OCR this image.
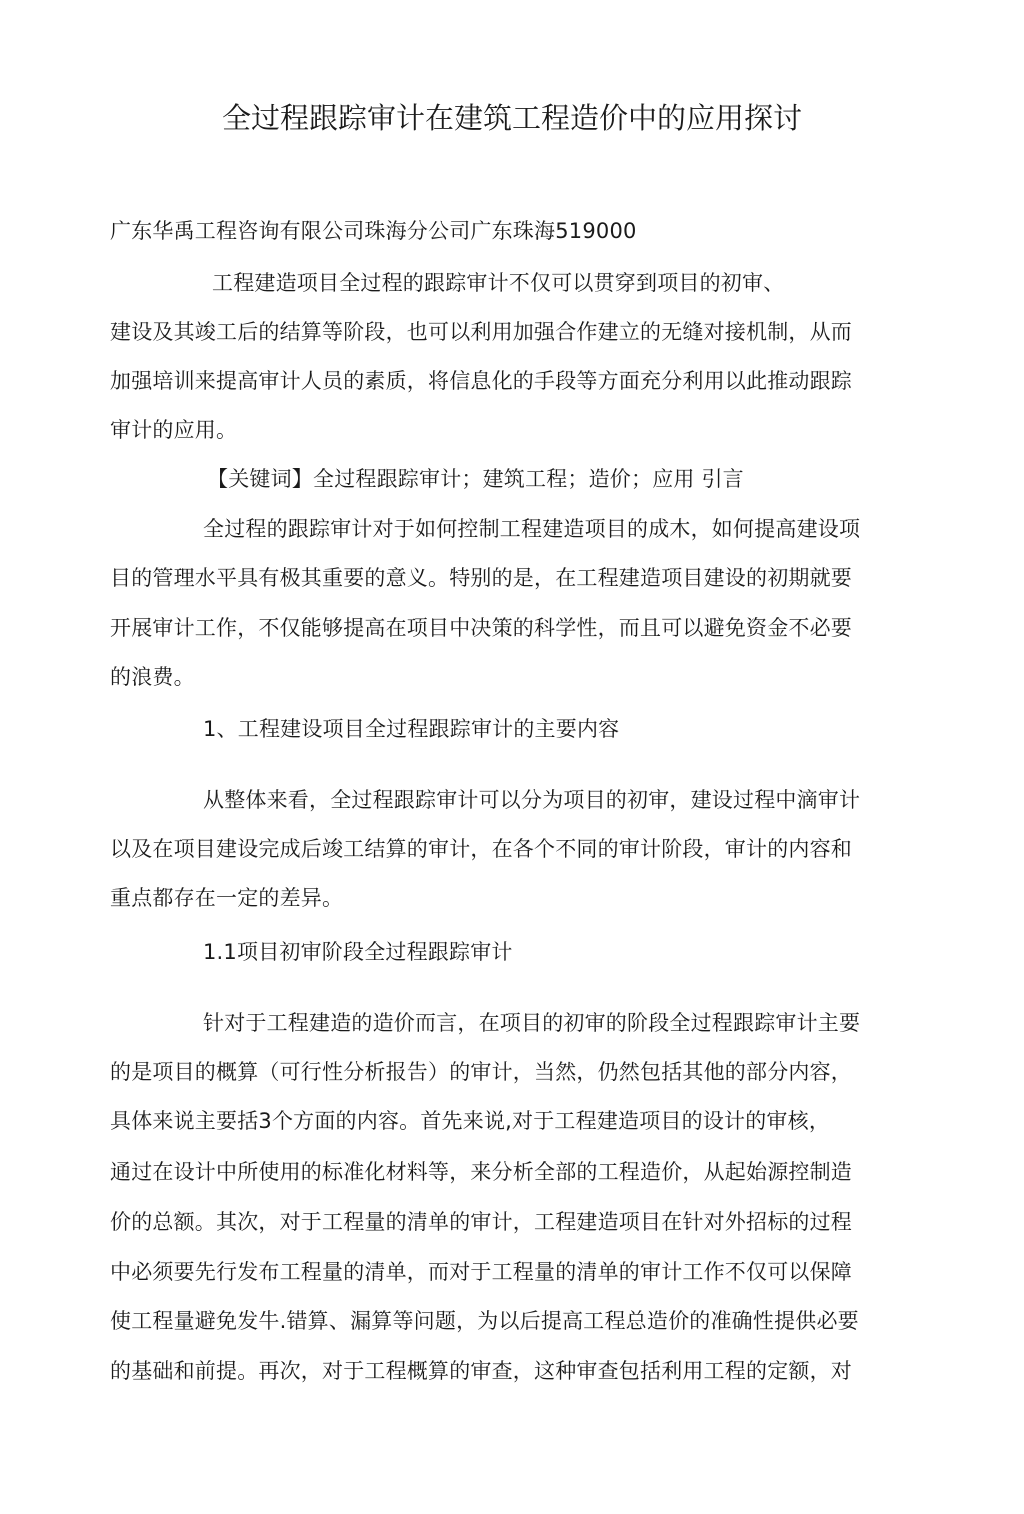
全过程跟踪审计在建筑工程造价中的应用探讨
广东华禹工程咨询有限公司珠海分公司广东珠海519000
工程建造项目全过程的跟踪审计不仅可以贯穿到项目的初审、
建设及其竣工后的结算等阶段，也可以利用加强合作建立的无缝对接机制，从而
加强培训来提高审计人员的素质，将信息化的手段等方面充分利用以此推动跟踪
审计的应用。
【关键词】全过程跟踪审计；建筑工程；造价；应用 引言
全过程的跟踪审计对于如何控制工程建造项目的成木，如何提高建设项
目的管理水平具有极其重要的意义。特别的是，在工程建造项目建设的初期就要
开展审计工作，不仅能够提高在项目中决策的科学性，而且可以避免资金不必要
的浪费。
1、工程建设项目全过程跟踪审计的主要内容
从整体来看，全过程跟踪审计可以分为项目的初审，建设过程中滴审计
以及在项目建设完成后竣工结算的审计，在各个不同的审计阶段，审计的内容和
重点都存在一定的差异。
1.1项目初审阶段全过程跟踪审计
针对于工程建造的造价而言，在项目的初审的阶段全过程跟踪审计主要
的是项目的概算（可行性分析报告）的审计，当然，仍然包括其他的部分内容，
具体来说主要括3个方面的内容。首先来说,对于工程建造项目的设计的审核，
通过在设计中所使用的标准化材料等，来分析全部的工程造价，从起始源控制造
价的总额。其次，对于工程量的清单的审计，工程建造项目在针对外招标的过程
中必须要先行发布工程量的清单，而对于工程量的清单的审计工作不仅可以保障
使工程量避免发牛.错算、漏算等问题，为以后提高工程总造价的准确性提供必要
的基础和前提。再次，对于工程概算的审查，这种审查包括利用工程的定额，对
